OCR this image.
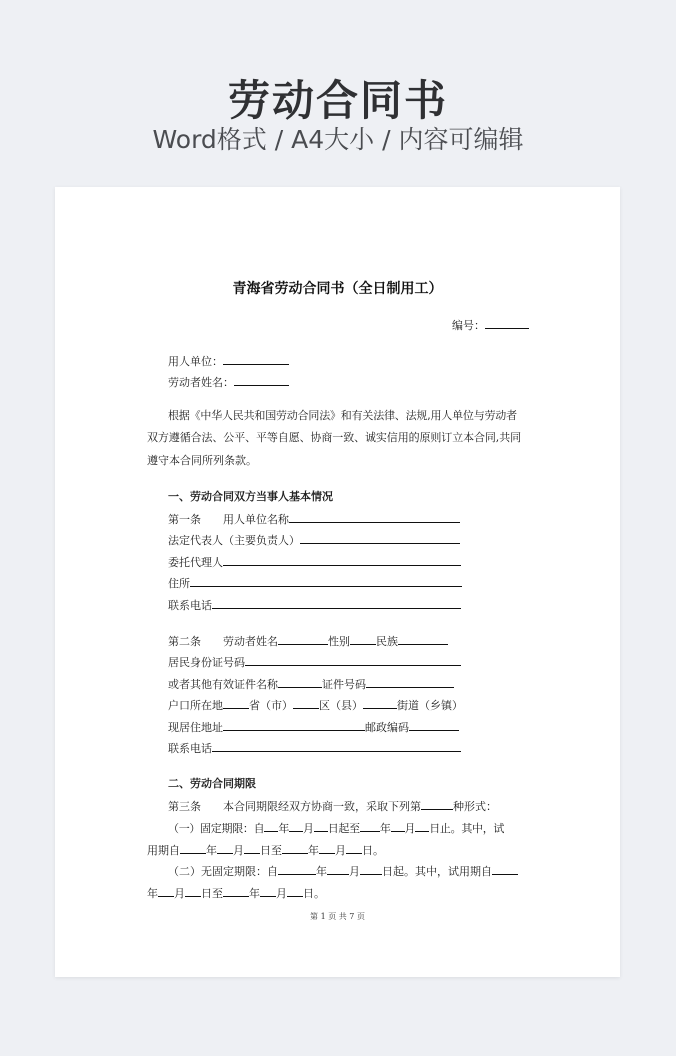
劳动合同书
Word格式 / A4大小 / 内容可编辑
青海省劳动合同书（全日制用工）
编号：
用人单位：
劳动者姓名：
根据《中华人民共和国劳动合同法》和有关法律、法规,用人单位与劳动者
双方遵循合法、公平、平等自愿、协商一致、诚实信用的原则订立本合同,共同
遵守本合同所列条款。
一、劳动合同双方当事人基本情况
第一条 用人单位名称
法定代表人（主要负责人）
委托代理人
住所
联系电话
第二条 劳动者姓名	性别 民族
居民身份证号码
或者其他有效证件名称	证件号码
户口所在地 省（市） 区（县）	街道（乡镇）
现居住地址	邮政编码
联系电话
二、劳动合同期限
第三条 本合同期限经双方协商一致，采取下列第	种形式：
（一）固定期限：自 年 月 日起至 年 月 日止。其中，试
用期自 年 月 日至 年 月 日。
（二）无固定期限：自	年 月 日起。其中，试用期自
年 月 日至 年 月 日。
第 1 页 共 7 页
